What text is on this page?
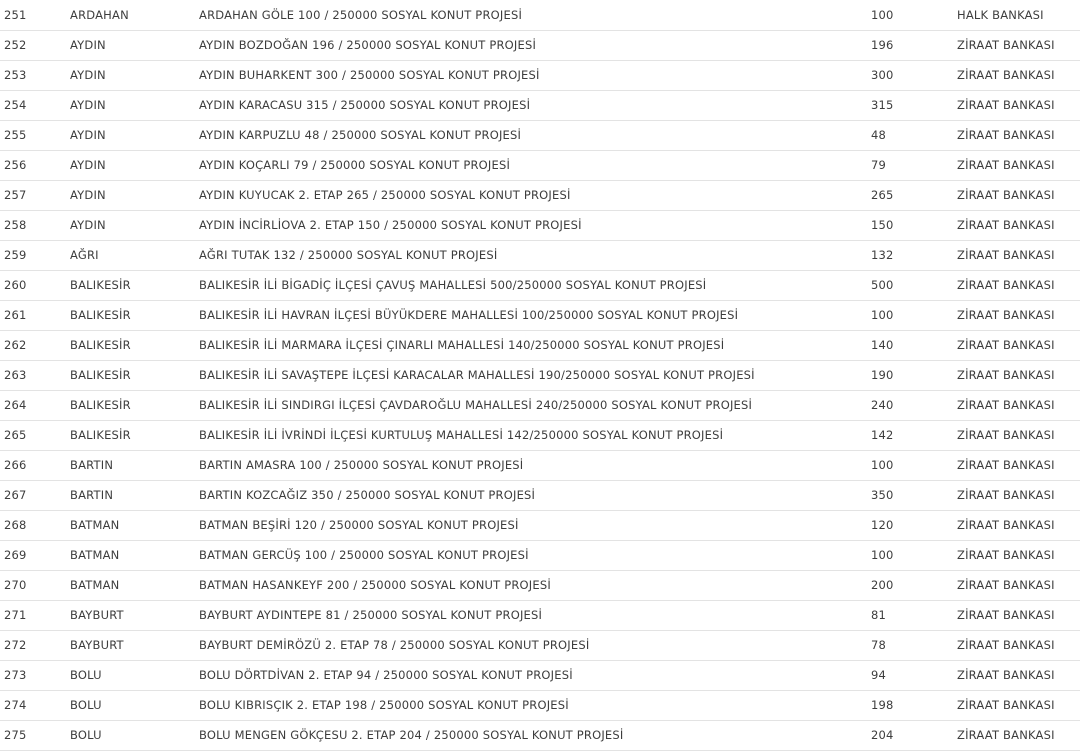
251	ARDAHAN	ARDAHAN GÖLE 100 / 250000 SOSYAL KONUT PROJESİ	100	HALK BANKASI
252	AYDIN	AYDIN BOZDOĞAN 196 / 250000 SOSYAL KONUT PROJESİ	196	ZİRAAT BANKASI
253	AYDIN	AYDIN BUHARKENT 300 / 250000 SOSYAL KONUT PROJESİ	300	ZİRAAT BANKASI
254	AYDIN	AYDIN KARACASU 315 / 250000 SOSYAL KONUT PROJESİ	315	ZİRAAT BANKASI
255	AYDIN	AYDIN KARPUZLU 48 / 250000 SOSYAL KONUT PROJESİ	48	ZİRAAT BANKASI
256	AYDIN	AYDIN KOÇARLI 79 / 250000 SOSYAL KONUT PROJESİ	79	ZİRAAT BANKASI
257	AYDIN	AYDIN KUYUCAK 2. ETAP 265 / 250000 SOSYAL KONUT PROJESİ	265	ZİRAAT BANKASI
258	AYDIN	AYDIN İNCİRLİOVA 2. ETAP 150 / 250000 SOSYAL KONUT PROJESİ	150	ZİRAAT BANKASI
259	AĞRI	AĞRI TUTAK 132 / 250000 SOSYAL KONUT PROJESİ	132	ZİRAAT BANKASI
260	BALIKESİR	BALIKESİR İLİ BİGADİÇ İLÇESİ ÇAVUŞ MAHALLESİ 500/250000 SOSYAL KONUT PROJESİ	500	ZİRAAT BANKASI
261	BALIKESİR	BALIKESİR İLİ HAVRAN İLÇESİ BÜYÜKDERE MAHALLESİ 100/250000 SOSYAL KONUT PROJESİ	100	ZİRAAT BANKASI
262	BALIKESİR	BALIKESİR İLİ MARMARA İLÇESİ ÇINARLI MAHALLESİ 140/250000 SOSYAL KONUT PROJESİ	140	ZİRAAT BANKASI
263	BALIKESİR	BALIKESİR İLİ SAVAŞTEPE İLÇESİ KARACALAR MAHALLESİ 190/250000 SOSYAL KONUT PROJESİ	190	ZİRAAT BANKASI
264	BALIKESİR	BALIKESİR İLİ SINDIRGI İLÇESİ ÇAVDAROĞLU MAHALLESİ 240/250000 SOSYAL KONUT PROJESİ	240	ZİRAAT BANKASI
265	BALIKESİR	BALIKESİR İLİ İVRİNDİ İLÇESİ KURTULUŞ MAHALLESİ 142/250000 SOSYAL KONUT PROJESİ	142	ZİRAAT BANKASI
266	BARTIN	BARTIN AMASRA 100 / 250000 SOSYAL KONUT PROJESİ	100	ZİRAAT BANKASI
267	BARTIN	BARTIN KOZCAĞIZ 350 / 250000 SOSYAL KONUT PROJESİ	350	ZİRAAT BANKASI
268	BATMAN	BATMAN BEŞİRİ 120 / 250000 SOSYAL KONUT PROJESİ	120	ZİRAAT BANKASI
269	BATMAN	BATMAN GERCÜŞ 100 / 250000 SOSYAL KONUT PROJESİ	100	ZİRAAT BANKASI
270	BATMAN	BATMAN HASANKEYF 200 / 250000 SOSYAL KONUT PROJESİ	200	ZİRAAT BANKASI
271	BAYBURT	BAYBURT AYDINTEPE 81 / 250000 SOSYAL KONUT PROJESİ	81	ZİRAAT BANKASI
272	BAYBURT	BAYBURT DEMİRÖZÜ 2. ETAP 78 / 250000 SOSYAL KONUT PROJESİ	78	ZİRAAT BANKASI
273	BOLU	BOLU DÖRTDİVAN 2. ETAP 94 / 250000 SOSYAL KONUT PROJESİ	94	ZİRAAT BANKASI
274	BOLU	BOLU KIBRISÇIK 2. ETAP 198 / 250000 SOSYAL KONUT PROJESİ	198	ZİRAAT BANKASI
275	BOLU	BOLU MENGEN GÖKÇESU 2. ETAP 204 / 250000 SOSYAL KONUT PROJESİ	204	ZİRAAT BANKASI
